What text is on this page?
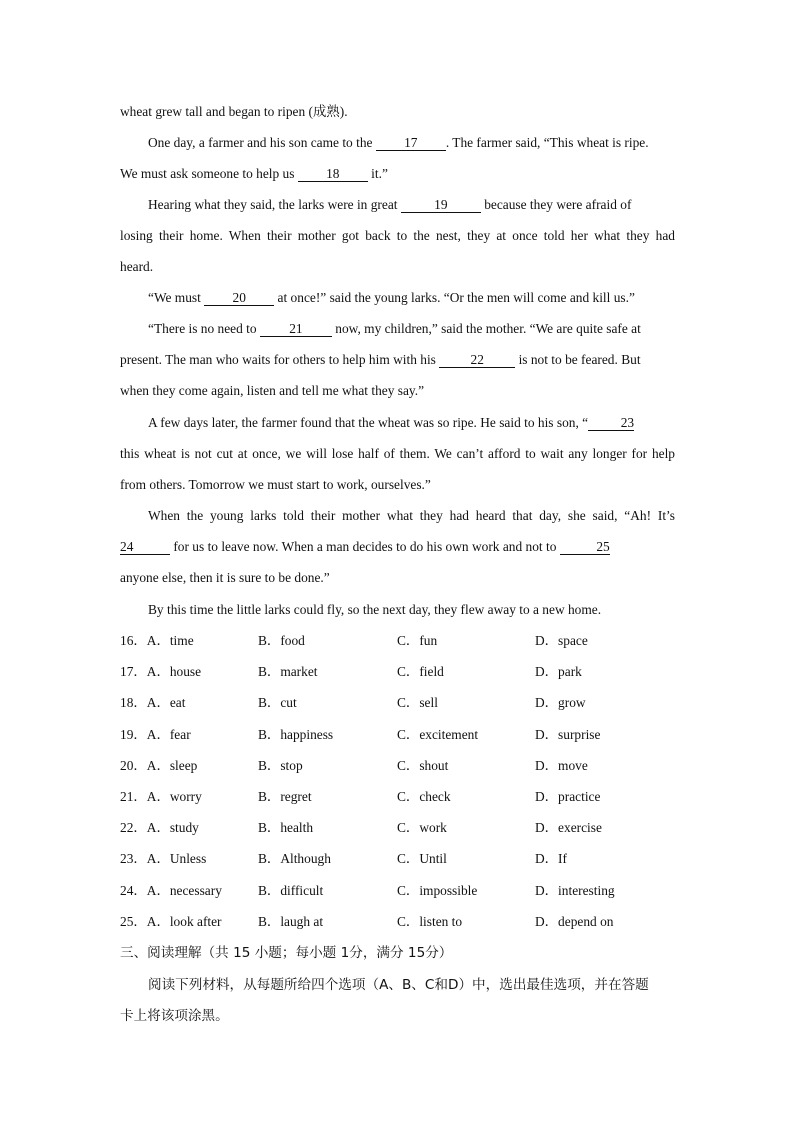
wheat grew tall and began to ripen (成熟).
One day, a farmer and his son came to the 17 . The farmer said, “This wheat is ripe.
We must ask someone to help us 18 it.”
Hearing what they said, the larks were in great 19 because they were afraid of
losing their home. When their mother got back to the nest, they at once told her what they had
heard.
“We must 20 at once!” said the young larks. “Or the men will come and kill us.”
“There is no need to 21 now, my children,” said the mother. “We are quite safe at
present. The man who waits for others to help him with his 22 is not to be feared. But
when they come again, listen and tell me what they say.”
A few days later, the farmer found that the wheat was so ripe. He said to his son, “ 23
this wheat is not cut at once, we will lose half of them. We can’t afford to wait any longer for help
from others. Tomorrow we must start to work, ourselves.”
When the young larks told their mother what they had heard that day, she said, “Ah! It’s
24	for us to leave now. When a man decides to do his own work and not to	25
anyone else, then it is sure to be done.”
By this time the little larks could fly, so the next day, they flew away to a new home.
16．A．time	B．food	C．fun	D．space
17．A．house	B．market	C．field	D．park
18．A．eat	B．cut	C．sell	D．grow
19．A．fear	B．happiness	C．excitement	D．surprise
20．A．sleep	B．stop	C．shout	D．move
21．A．worry	B．regret	C．check	D．practice
22．A．study	B．health	C．work	D．exercise
23．A．Unless	B．Although	C．Until	D．If
24．A．necessary	B．difficult	C．impossible	D．interesting
25．A．look after	B．laugh at	C．listen to	D．depend on
三、阅读理解（共 15 小题；每小题 1分，满分 15分）
阅读下列材料，从每题所给四个选项（A、B、C和D）中，选出最佳选项，并在答题
卡上将该项涂黑。
